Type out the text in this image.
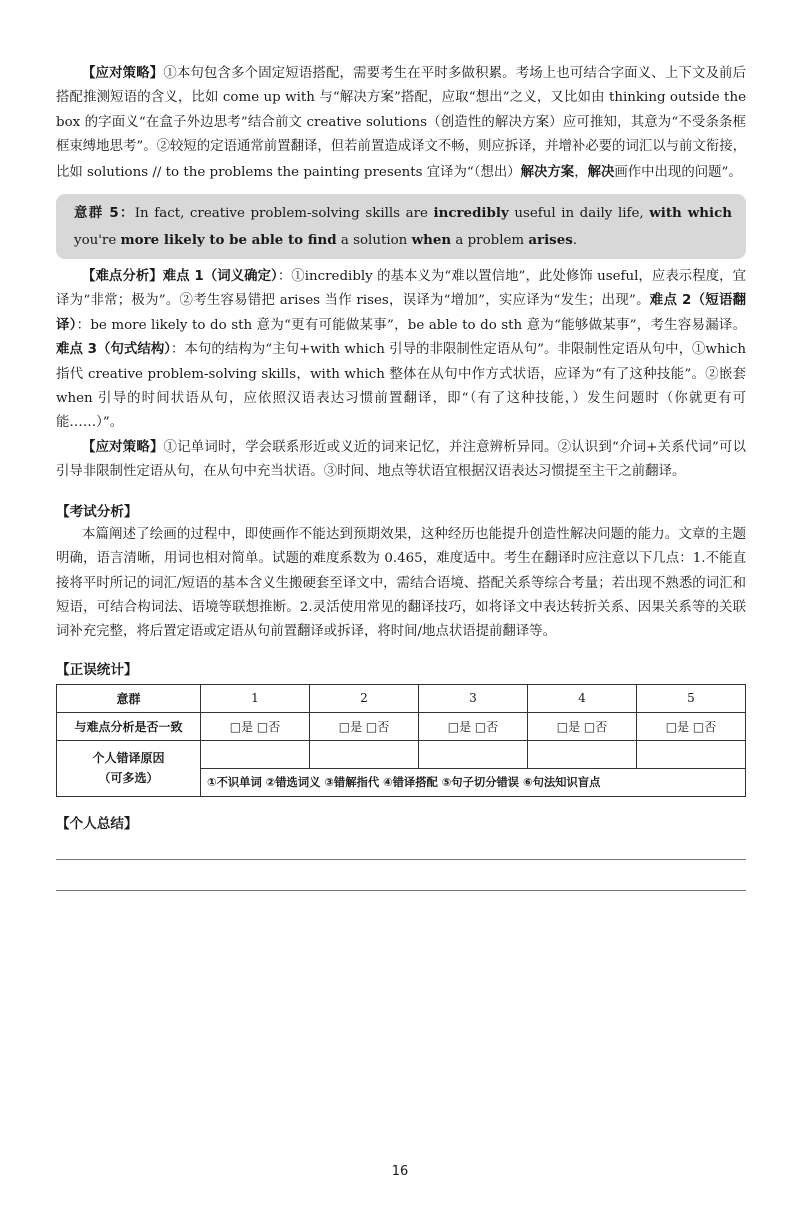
【应对策略】①本句包含多个固定短语搭配，需要考生在平时多做积累。考场上也可结合字面义、上下文及前后搭配推测短语的含义，比如 come up with 与“解决方案”搭配，应取“想出”之义，又比如由 thinking outside the box 的字面义“在盒子外边思考”结合前文 creative solutions（创造性的解决方案）应可推知，其意为“不受条条框框束缚地思考”。②较短的定语通常前置翻译，但若前置造成译文不畅，则应拆译，并增补必要的词汇以与前文衔接，比如 solutions // to the problems the painting presents 宜译为“（想出）解决方案，解决画作中出现的问题”。

意群 5：In fact, creative problem-solving skills are incredibly useful in daily life, with which you're more likely to be able to find a solution when a problem arises.

【难点分析】难点 1（词义确定）：①incredibly 的基本义为“难以置信地”，此处修饰 useful，应表示程度，宜译为“非常；极为”。②考生容易错把 arises 当作 rises，误译为“增加”，实应译为“发生；出现”。难点 2（短语翻译）：be more likely to do sth 意为“更有可能做某事”，be able to do sth 意为“能够做某事”，考生容易漏译。难点 3（句式结构）：本句的结构为“主句+with which 引导的非限制性定语从句”。非限制性定语从句中，①which 指代 creative problem-solving skills，with which 整体在从句中作方式状语，应译为“有了这种技能”。②嵌套 when 引导的时间状语从句，应依照汉语表达习惯前置翻译，即“（有了这种技能，）发生问题时（你就更有可能……）”。

【应对策略】①记单词时，学会联系形近或义近的词来记忆，并注意辨析异同。②认识到“介词+关系代词”可以引导非限制性定语从句，在从句中充当状语。③时间、地点等状语宜根据汉语表达习惯提至主干之前翻译。

【考试分析】

本篇阐述了绘画的过程中，即使画作不能达到预期效果，这种经历也能提升创造性解决问题的能力。文章的主题明确，语言清晰，用词也相对简单。试题的难度系数为 0.465，难度适中。考生在翻译时应注意以下几点：1.不能直接将平时所记的词汇/短语的基本含义生搬硬套至译文中，需结合语境、搭配关系等综合考量；若出现不熟悉的词汇和短语，可结合构词法、语境等联想推断。2.灵活使用常见的翻译技巧，如将译文中表达转折关系、因果关系等的关联词补充完整，将后置定语或定语从句前置翻译或拆译，将时间/地点状语提前翻译等。

【正误统计】

意群	1	2	3	4	5
与难点分析是否一致	□是 □否	□是 □否	□是 □否	□是 □否	□是 □否

个人错译原因
（可多选）					

	①不识单词 ②错选词义 ③错解指代 ④错译搭配 ⑤句子切分错误 ⑥句法知识盲点				

【个人总结】

16
